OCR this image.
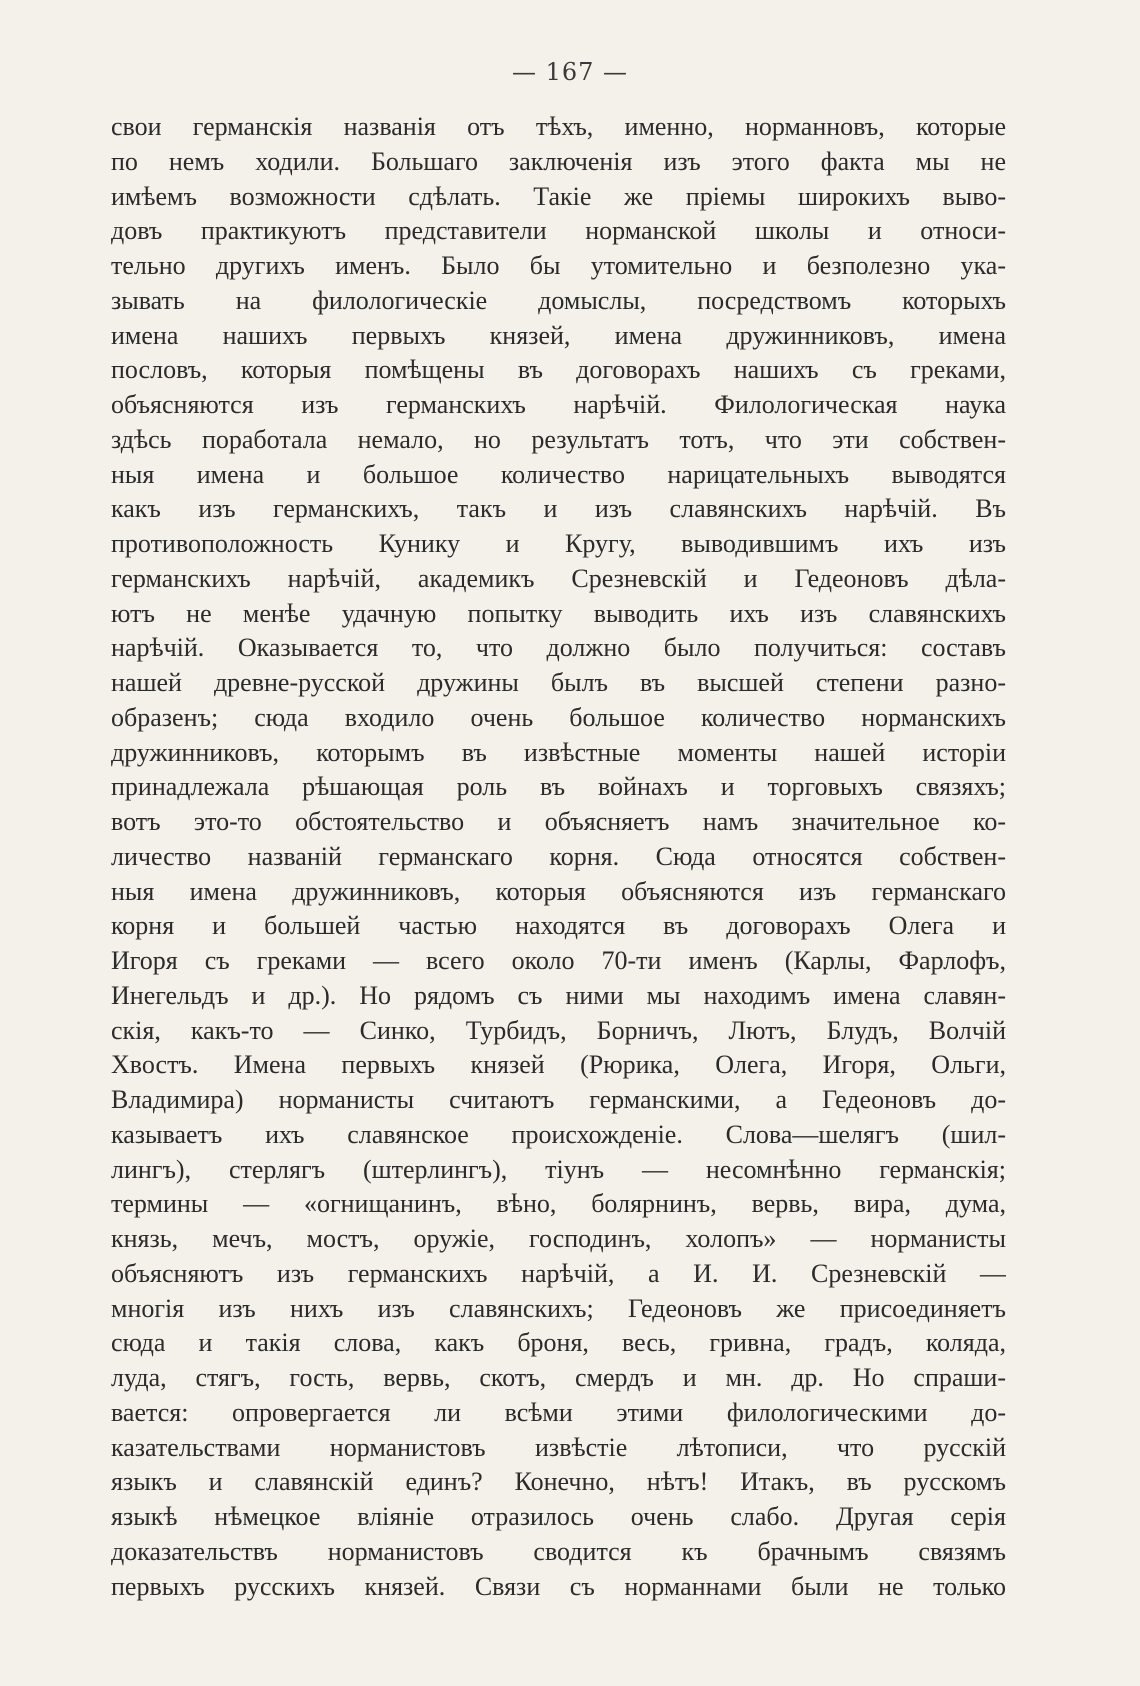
— 167 —
свои германскія названія отъ тѣхъ, именно, норманновъ, которые
по немъ ходили. Большаго заключенія изъ этого факта мы не
имѣемъ возможности сдѣлать. Такіе же пріемы широкихъ выво-
довъ практикуютъ представители норманской школы и относи-
тельно другихъ именъ. Было бы утомительно и безполезно ука-
зывать на филологическіе домыслы, посредствомъ которыхъ
имена нашихъ первыхъ князей, имена дружинниковъ, имена
пословъ, которыя помѣщены въ договорахъ нашихъ съ греками,
объясняются изъ германскихъ нарѣчій. Филологическая наука
здѣсь поработала немало, но результатъ тотъ, что эти собствен-
ныя имена и большое количество нарицательныхъ выводятся
какъ изъ германскихъ, такъ и изъ славянскихъ нарѣчій. Въ
противоположность Кунику и Кругу, выводившимъ ихъ изъ
германскихъ нарѣчій, академикъ Срезневскій и Гедеоновъ дѣла-
ютъ не менѣе удачную попытку выводить ихъ изъ славянскихъ
нарѣчій. Оказывается то, что должно было получиться: составъ
нашей древне-русской дружины былъ въ высшей степени разно-
образенъ; сюда входило очень большое количество норманскихъ
дружинниковъ, которымъ въ извѣстные моменты нашей исторіи
принадлежала рѣшающая роль въ войнахъ и торговыхъ связяхъ;
вотъ это-то обстоятельство и объясняетъ намъ значительное ко-
личество названій германскаго корня. Сюда относятся собствен-
ныя имена дружинниковъ, которыя объясняются изъ германскаго
корня и большей частью находятся въ договорахъ Олега и
Игоря съ греками — всего около 70-ти именъ (Карлы, Фарлофъ,
Инегельдъ и др.). Но рядомъ съ ними мы находимъ имена славян-
скія, какъ-то — Синко, Турбидъ, Борничъ, Лютъ, Блудъ, Волчій
Хвостъ. Имена первыхъ князей (Рюрика, Олега, Игоря, Ольги,
Владимира) норманисты считаютъ германскими, а Гедеоновъ до-
казываетъ ихъ славянское происхожденіе. Слова—шелягъ (шил-
лингъ), стерлягъ (штерлингъ), тіунъ — несомнѣнно германскія;
термины — «огнищанинъ, вѣно, болярнинъ, вервь, вира, дума,
князь, мечъ, мостъ, оружіе, господинъ, холопъ» — норманисты
объясняютъ изъ германскихъ нарѣчій, а И. И. Срезневскій —
многія изъ нихъ изъ славянскихъ; Гедеоновъ же присоединяетъ
сюда и такія слова, какъ броня, весь, гривна, градъ, коляда,
луда, стягъ, гость, вервь, скотъ, смердъ и мн. др. Но спраши-
вается: опровергается ли всѣми этими филологическими до-
казательствами норманистовъ извѣстіе лѣтописи, что русскій
языкъ и славянскій единъ? Конечно, нѣтъ! Итакъ, въ русскомъ
языкѣ нѣмецкое вліяніе отразилось очень слабо. Другая серія
доказательствъ норманистовъ сводится къ брачнымъ связямъ
первыхъ русскихъ князей. Связи съ норманнами были не только
